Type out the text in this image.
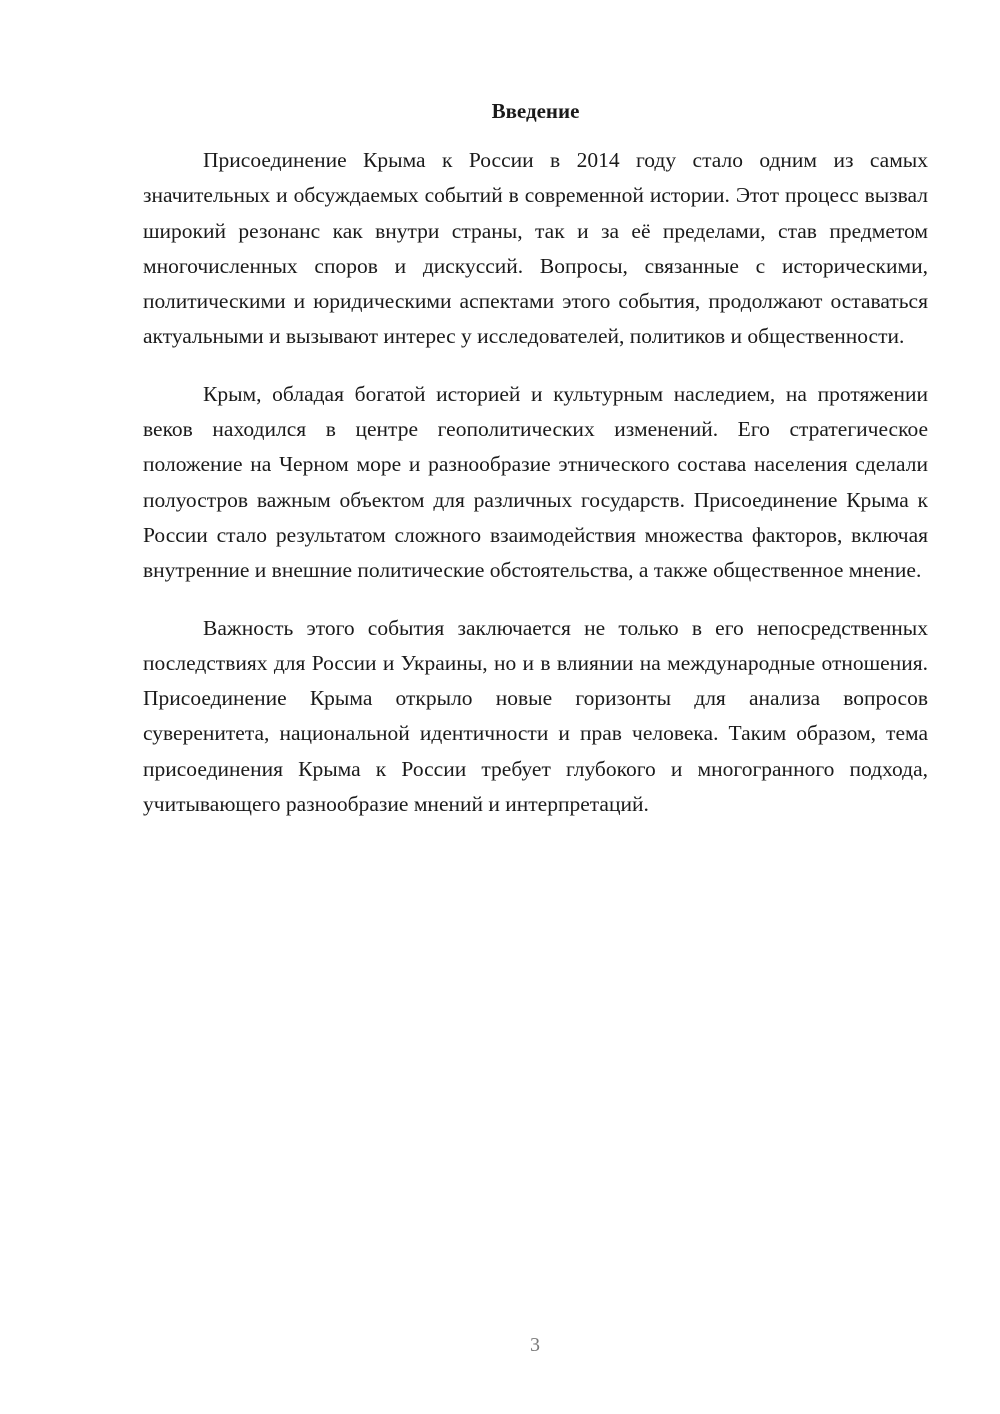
Введение

Присоединение Крыма к России в 2014 году стало одним из самых значительных и обсуждаемых событий в современной истории. Этот процесс вызвал широкий резонанс как внутри страны, так и за её пределами, став предметом многочисленных споров и дискуссий. Вопросы, связанные с историческими, политическими и юридическими аспектами этого события, продолжают оставаться актуальными и вызывают интерес у исследователей, политиков и общественности.

Крым, обладая богатой историей и культурным наследием, на протяжении веков находился в центре геополитических изменений. Его стратегическое положение на Черном море и разнообразие этнического состава населения сделали полуостров важным объектом для различных государств. Присоединение Крыма к России стало результатом сложного взаимодействия множества факторов, включая внутренние и внешние политические обстоятельства, а также общественное мнение.

Важность этого события заключается не только в его непосредственных последствиях для России и Украины, но и в влиянии на международные отношения. Присоединение Крыма открыло новые горизонты для анализа вопросов суверенитета, национальной идентичности и прав человека. Таким образом, тема присоединения Крыма к России требует глубокого и многогранного подхода, учитывающего разнообразие мнений и интерпретаций.

3
